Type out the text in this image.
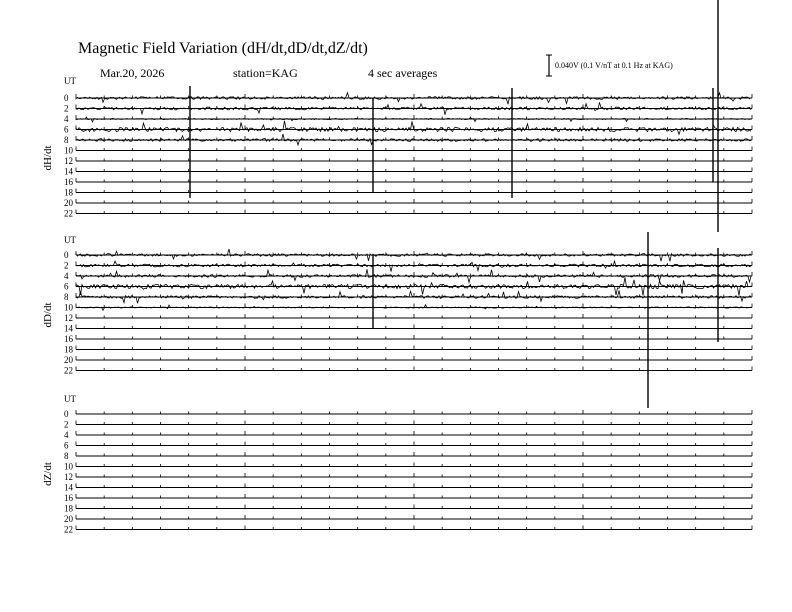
Magnetic Field Variation (dH/dt,dD/dt,dZ/dt)
Mar.20, 2026	station=KAG	4 sec averages
0.040V (0.1 V/nT at 0.1 Hz at KAG)
UT
dH/dt
0
2
4
6
8
10
12
14
16
18
20
22
UT
dD/dt
0
2
4
6
8
10
12
14
16
18
20
22
UT
dZ/dt
0
2
4
6
8
10
12
14
16
18
20
22
